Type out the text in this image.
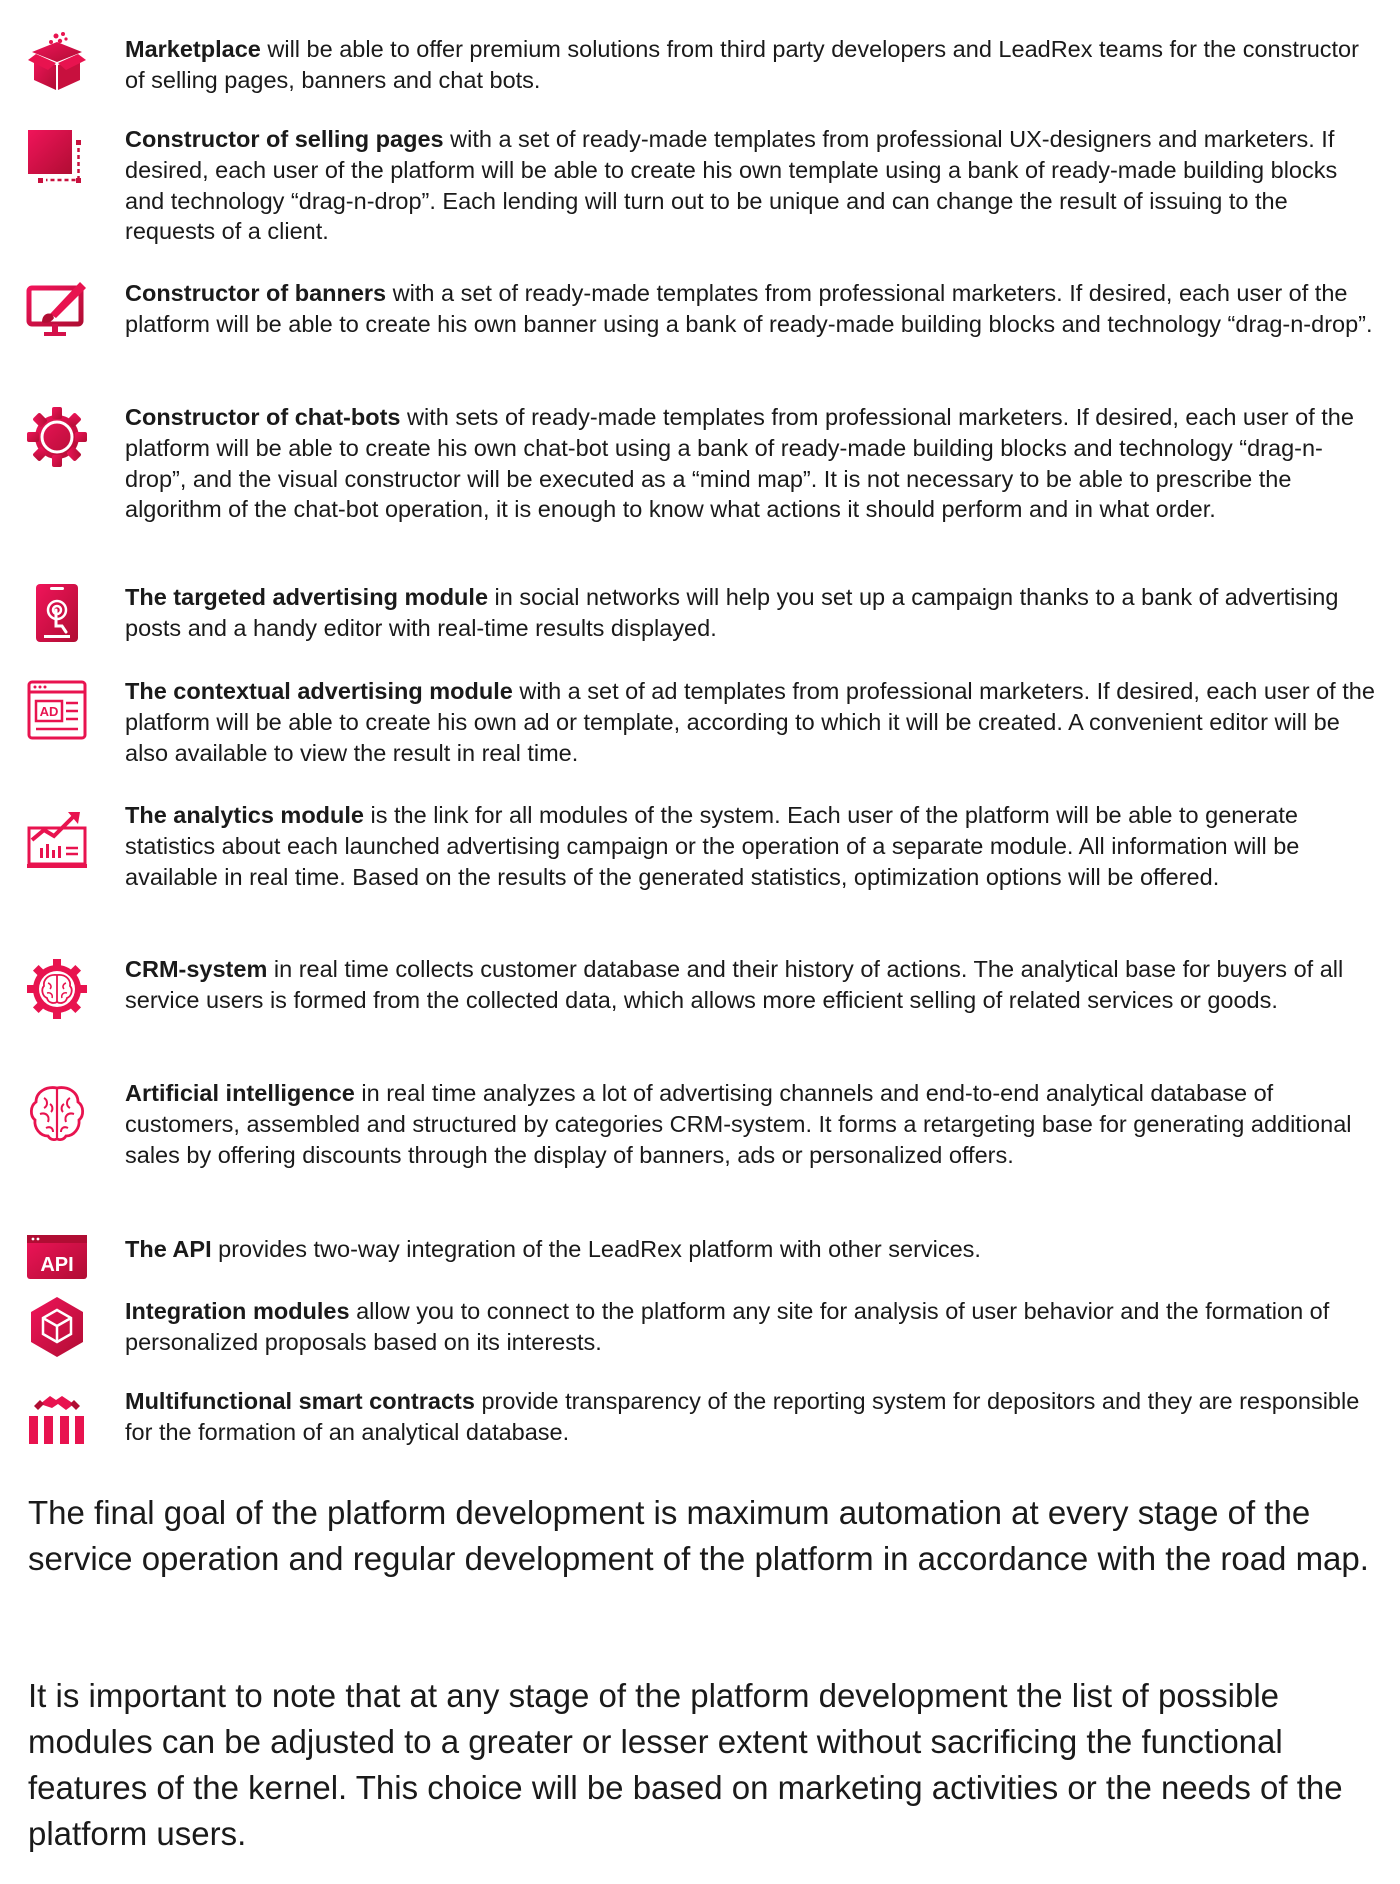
Marketplace will be able to offer premium solutions from third party developers and LeadRex teams for the constructor of selling pages, banners and chat bots.

Constructor of selling pages with a set of ready-made templates from professional UX-designers and marketers. If desired, each user of the platform will be able to create his own template using a bank of ready-made building blocks and technology “drag-n-drop”. Each lending will turn out to be unique and can change the result of issuing to the requests of a client.

Constructor of banners with a set of ready-made templates from professional marketers. If desired, each user of the platform will be able to create his own banner using a bank of ready-made building blocks and technology “drag-n-drop”.

Constructor of chat-bots with sets of ready-made templates from professional marketers. If desired, each user of the platform will be able to create his own chat-bot using a bank of ready-made building blocks and technology “drag-n-drop”, and the visual constructor will be executed as a “mind map”. It is not necessary to be able to prescribe the algorithm of the chat-bot operation, it is enough to know what actions it should perform and in what order.

The targeted advertising module in social networks will help you set up a campaign thanks to a bank of advertising posts and a handy editor with real-time results displayed.

AD

The contextual advertising module with a set of ad templates from professional marketers. If desired, each user of the platform will be able to create his own ad or template, according to which it will be created. A convenient editor will be also available to view the result in real time.

The analytics module is the link for all modules of the system. Each user of the platform will be able to generate statistics about each launched advertising campaign or the operation of a separate module. All information will be available in real time. Based on the results of the generated statistics, optimization options will be offered.

CRM-system in real time collects customer database and their history of actions. The analytical base for buyers of all service users is formed from the collected data, which allows more efficient selling of related services or goods.

Artificial intelligence in real time analyzes a lot of advertising channels and end-to-end analytical database of customers, assembled and structured by categories CRM-system. It forms a retargeting base for generating additional sales by offering discounts through the display of banners, ads or personalized offers.

API

The API provides two-way integration of the LeadRex platform with other services.

Integration modules allow you to connect to the platform any site for analysis of user behavior and the formation of personalized proposals based on its interests.

Multifunctional smart contracts provide transparency of the reporting system for depositors and they are responsible for the formation of an analytical database.

The final goal of the platform development is maximum automation at every stage of the service operation and regular development of the platform in accordance with the road map.

It is important to note that at any stage of the platform development the list of possible modules can be adjusted to a greater or lesser extent without sacrificing the functional features of the kernel. This choice will be based on marketing activities or the needs of the platform users.
